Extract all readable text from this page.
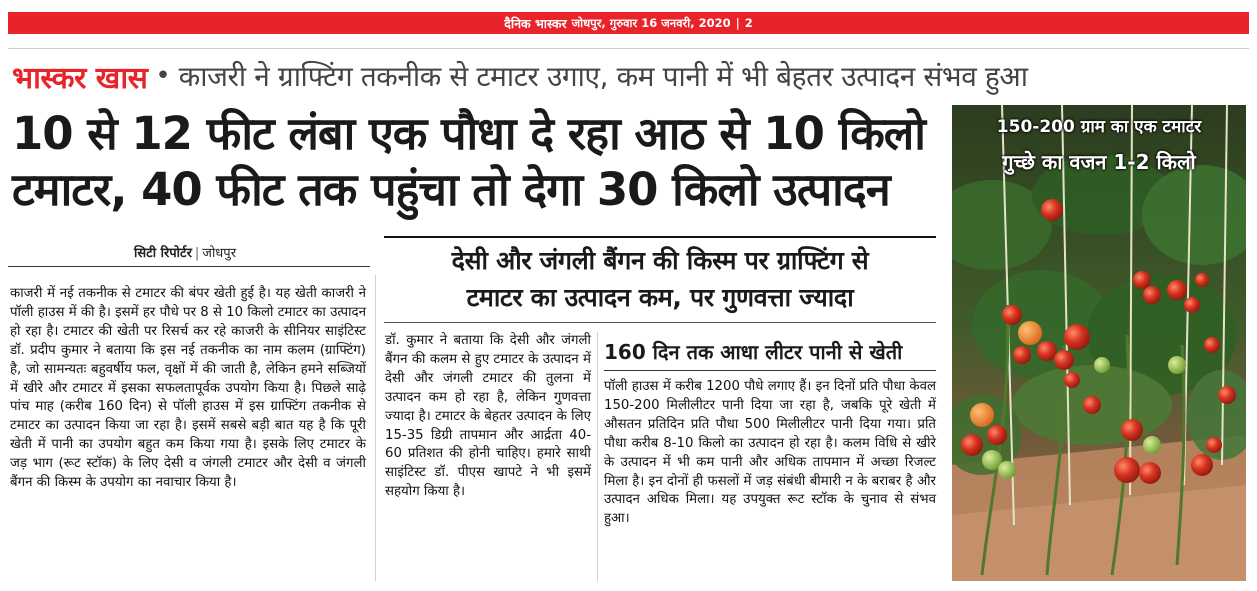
दैनिक भास्कर जोधपुर, गुरुवार 16 जनवरी, 2020 | 2
भास्कर खास • काजरी ने ग्राफ्टिंग तकनीक से टमाटर उगाए, कम पानी में भी बेहतर उत्पादन संभव हुआ
10 से 12 फीट लंबा एक पौधा दे रहा आठ से 10 किलो
टमाटर, 40 फीट तक पहुंचा तो देगा 30 किलो उत्पादन
सिटी रिपोर्टर | जोधपुर
काजरी में नई तकनीक से टमाटर की बंपर खेती हुई है। यह खेती काजरी ने पॉली हाउस में की है। इसमें हर पौधे पर 8 से 10 किलो टमाटर का उत्पादन हो रहा है। टमाटर की खेती पर रिसर्च कर रहे काजरी के सीनियर साइंटिस्ट डॉ. प्रदीप कुमार ने बताया कि इस नई तकनीक का नाम कलम (ग्राफ्टिंग) है, जो सामन्यतः बहुवर्षीय फल, वृक्षों में की जाती है, लेकिन हमने सब्जियों में खीरे और टमाटर में इसका सफलतापूर्वक उपयोग किया है। पिछले साढ़े पांच माह (करीब 160 दिन) से पॉली हाउस में इस ग्राफ्टिंग तकनीक से टमाटर का उत्पादन किया जा रहा है। इसमें सबसे बड़ी बात यह है कि पूरी खेती में पानी का उपयोग बहुत कम किया गया है। इसके लिए टमाटर के जड़ भाग (रूट स्टॉक) के लिए देसी व जंगली टमाटर और देसी व जंगली बैंगन की किस्म के उपयोग का नवाचार किया है।
देसी और जंगली बैंगन की किस्म पर ग्राफ्टिंग से
टमाटर का उत्पादन कम, पर गुणवत्ता ज्यादा
डॉ. कुमार ने बताया कि देसी और जंगली बैंगन की कलम से हुए टमाटर के उत्पादन में देसी और जंगली टमाटर की तुलना में उत्पादन कम हो रहा है, लेकिन गुणवत्ता ज्यादा है। टमाटर के बेहतर उत्पादन के लिए 15-35 डिग्री तापमान और आर्द्रता 40-60 प्रतिशत की होनी चाहिए। हमारे साथी साइंटिस्ट डॉ. पीएस खापटे ने भी इसमें सहयोग किया है।
160 दिन तक आधा लीटर पानी से खेती
पॉली हाउस में करीब 1200 पौधे लगाए हैं। इन दिनों प्रति पौधा केवल 150-200 मिलीलीटर पानी दिया जा रहा है, जबकि पूरे खेती में औसतन प्रतिदिन प्रति पौधा 500 मिलीलीटर पानी दिया गया। प्रति पौधा करीब 8-10 किलो का उत्पादन हो रहा है। कलम विधि से खीरे के उत्पादन में भी कम पानी और अधिक तापमान में अच्छा रिजल्ट मिला है। इन दोनों ही फसलों में जड़ संबंधी बीमारी न के बराबर है और उत्पादन अधिक मिला। यह उपयुक्त रूट स्टॉक के चुनाव से संभव हुआ।
150-200 ग्राम का एक टमाटर
गुच्छे का वजन 1-2 किलो
